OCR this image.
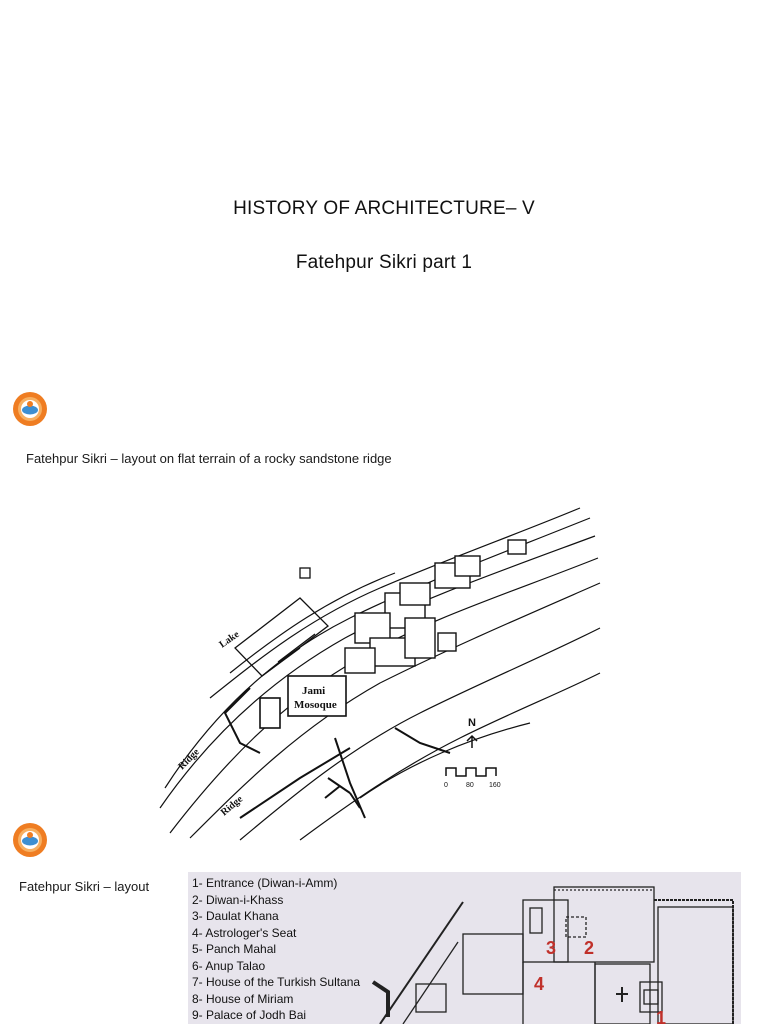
HISTORY OF ARCHITECTURE– V
Fatehpur Sikri part 1
Fatehpur Sikri – layout on flat terrain of a rocky sandstone ridge
Lake
Ridge
Ridge
Jami
Mosoque
N
0	80 160
Fatehpur Sikri – layout
3 2
4
1
1- Entrance (Diwan-i-Amm)
2- Diwan-i-Khass
3- Daulat Khana
4- Astrologer's Seat
5- Panch Mahal
6- Anup Talao
7- House of the Turkish Sultana
8- House of Miriam
9- Palace of Jodh Bai
